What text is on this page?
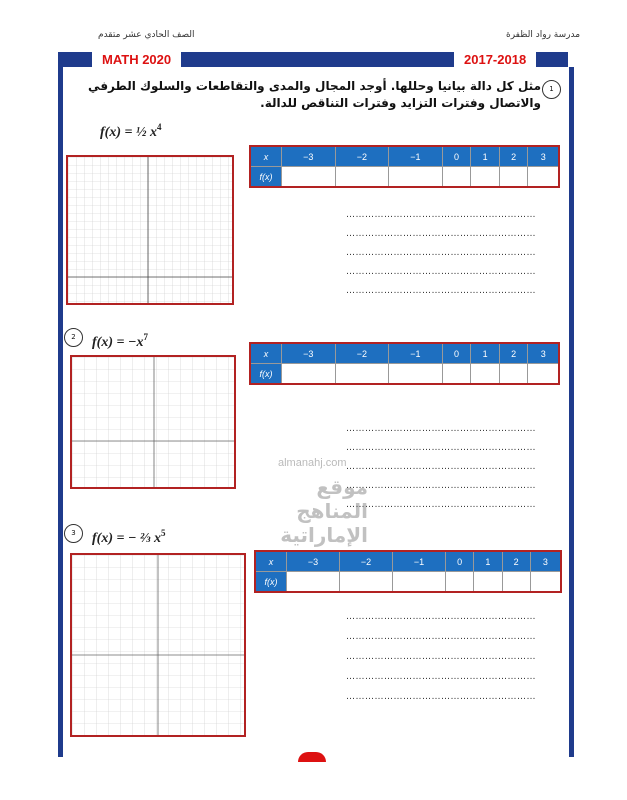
الصف الحادي عشر متقدم	مدرسة رواد الظفرة
MATH 2020	2017-2018
1
مثل كل دالة بيانيا وحللها. أوجد المجال والمدى والتقاطعات والسلوك الطرفي والاتصال وفترات التزايد وفترات التناقص للدالة.
f(x) = ½ $x^4$
x	−3	−2	−1	0	1	2	3
f(x)							
……………………………………………………
……………………………………………………
……………………………………………………
……………………………………………………
……………………………………………………
2	$f(x) = -x^7$
x	−3	−2	−1	0	1	2	3
f(x)							
……………………………………………………
……………………………………………………
……………………………………………………
……………………………………………………
……………………………………………………
almanahj.com
موقع المناهج الإماراتية
3	f(x) = − ⅔ $x^5$
x	−3	−2	−1	0	1	2	3
f(x)							
……………………………………………………
……………………………………………………
……………………………………………………
……………………………………………………
……………………………………………………
